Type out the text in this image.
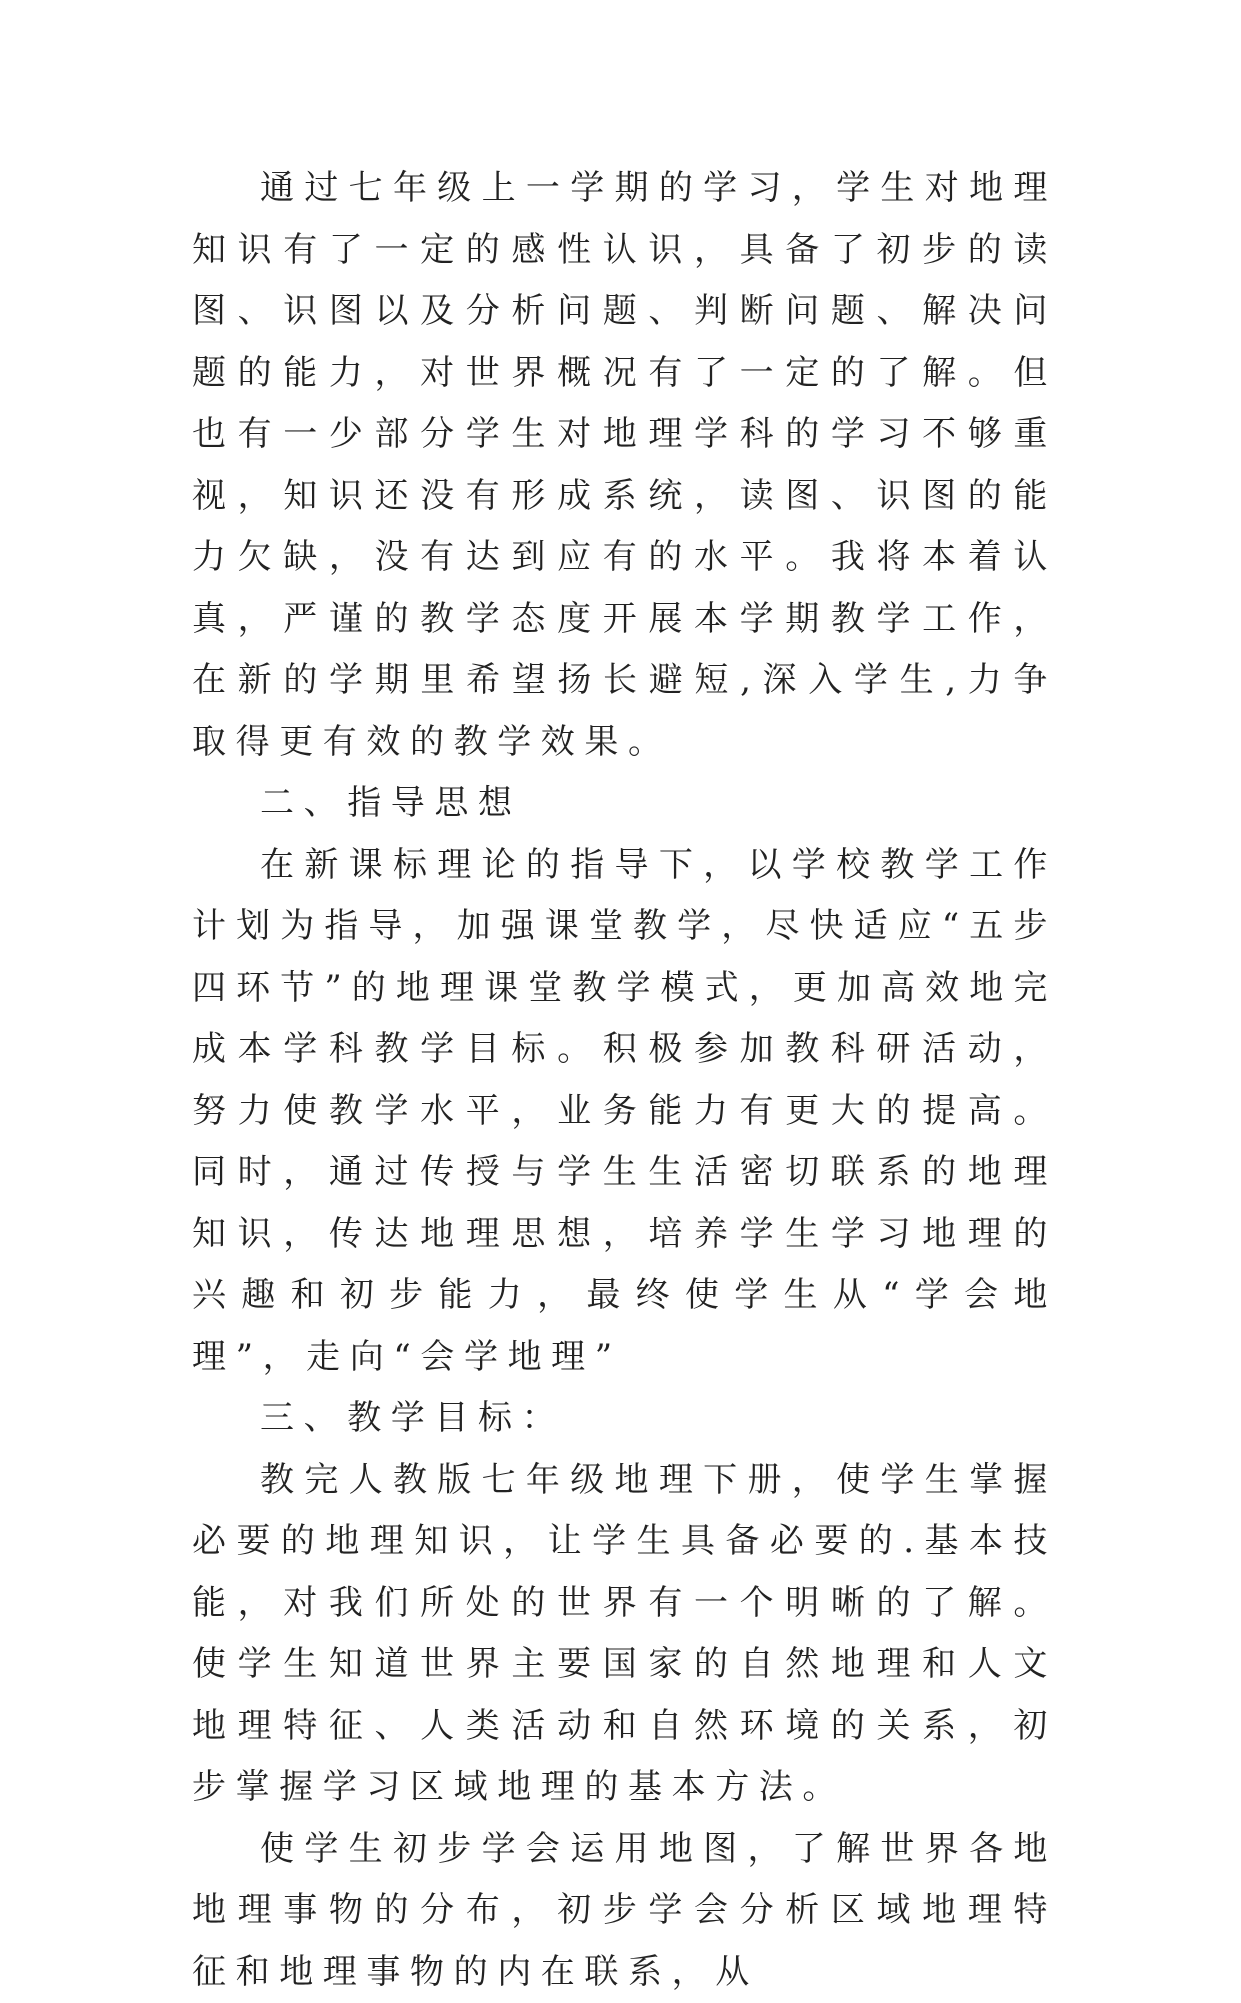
通过七年级上一学期的学习，学生对地理知识有了一定的感性认识，具备了初步的读图、识图以及分析问题、判断问题、解决问题的能力，对世界概况有了一定的了解。但也有一少部分学生对地理学科的学习不够重视，知识还没有形成系统，读图、识图的能力欠缺，没有达到应有的水平。我将本着认真，严谨的教学态度开展本学期教学工作，在新的学期里希望扬长避短,深入学生,力争取得更有效的教学效果。

二、指导思想

在新课标理论的指导下，以学校教学工作计划为指导，加强课堂教学，尽快适应“五步四环节”的地理课堂教学模式，更加高效地完成本学科教学目标。积极参加教科研活动，努力使教学水平，业务能力有更大的提高。同时，通过传授与学生生活密切联系的地理知识，传达地理思想，培养学生学习地理的兴趣和初步能力，最终使学生从“学会地理”，走向“会学地理”

三、教学目标：

教完人教版七年级地理下册，使学生掌握必要的地理知识，让学生具备必要的.基本技能，对我们所处的世界有一个明晰的了解。使学生知道世界主要国家的自然地理和人文地理特征、人类活动和自然环境的关系，初步掌握学习区域地理的基本方法。

使学生初步学会运用地图，了解世界各地地理事物的分布，初步学会分析区域地理特征和地理事物的内在联系，从
